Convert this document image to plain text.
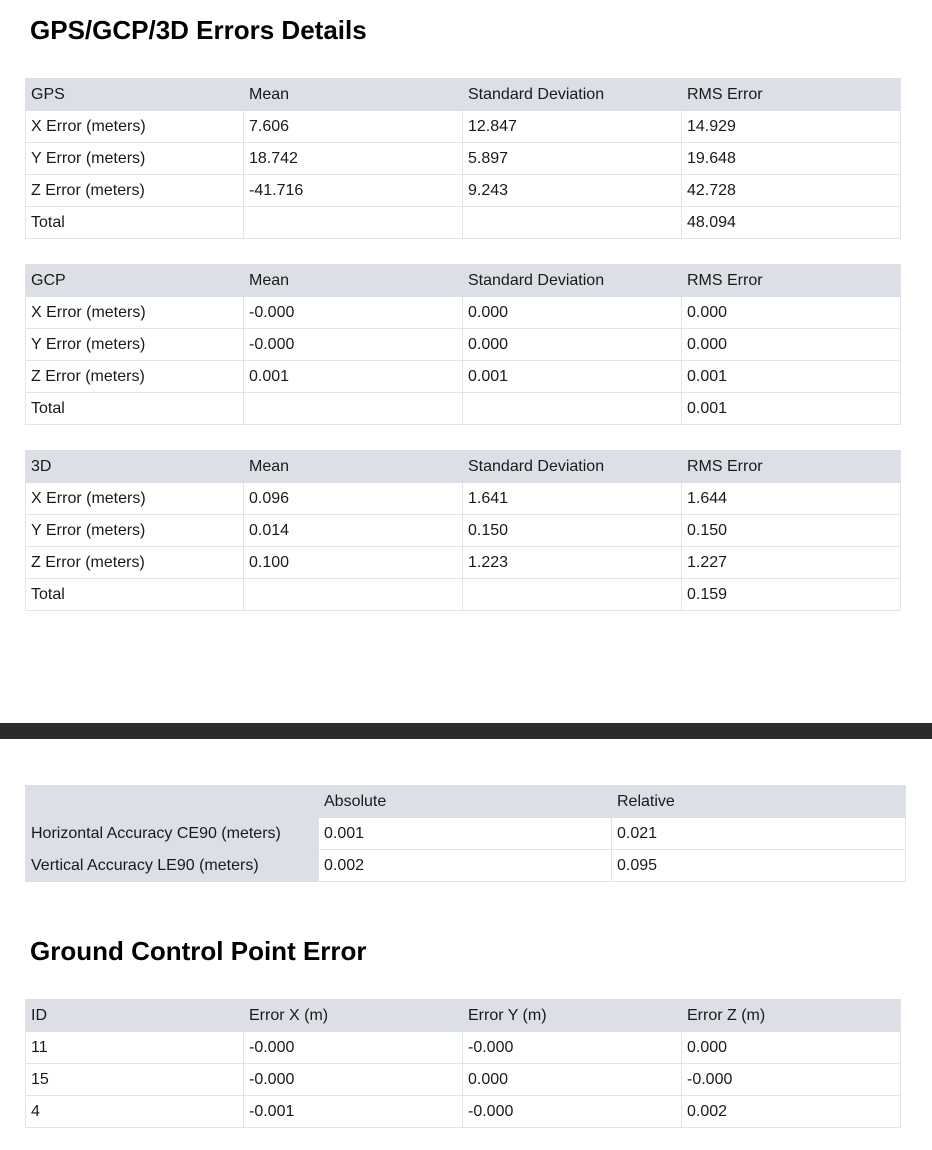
GPS/GCP/3D Errors Details
GPS	Mean	Standard Deviation	RMS Error
X Error (meters)	7.606	12.847	14.929
Y Error (meters)	18.742	5.897	19.648
Z Error (meters)	-41.716	9.243	42.728
Total			48.094
GCP	Mean	Standard Deviation	RMS Error
X Error (meters)	-0.000	0.000	0.000
Y Error (meters)	-0.000	0.000	0.000
Z Error (meters)	0.001	0.001	0.001
Total			0.001
3D	Mean	Standard Deviation	RMS Error
X Error (meters)	0.096	1.641	1.644
Y Error (meters)	0.014	0.150	0.150
Z Error (meters)	0.100	1.223	1.227
Total			0.159
	Absolute	Relative
Horizontal Accuracy CE90 (meters)	0.001	0.021
Vertical Accuracy LE90 (meters)	0.002	0.095
Ground Control Point Error
ID	Error X (m)	Error Y (m)	Error Z (m)
11	-0.000	-0.000	0.000
15	-0.000	0.000	-0.000
4	-0.001	-0.000	0.002
